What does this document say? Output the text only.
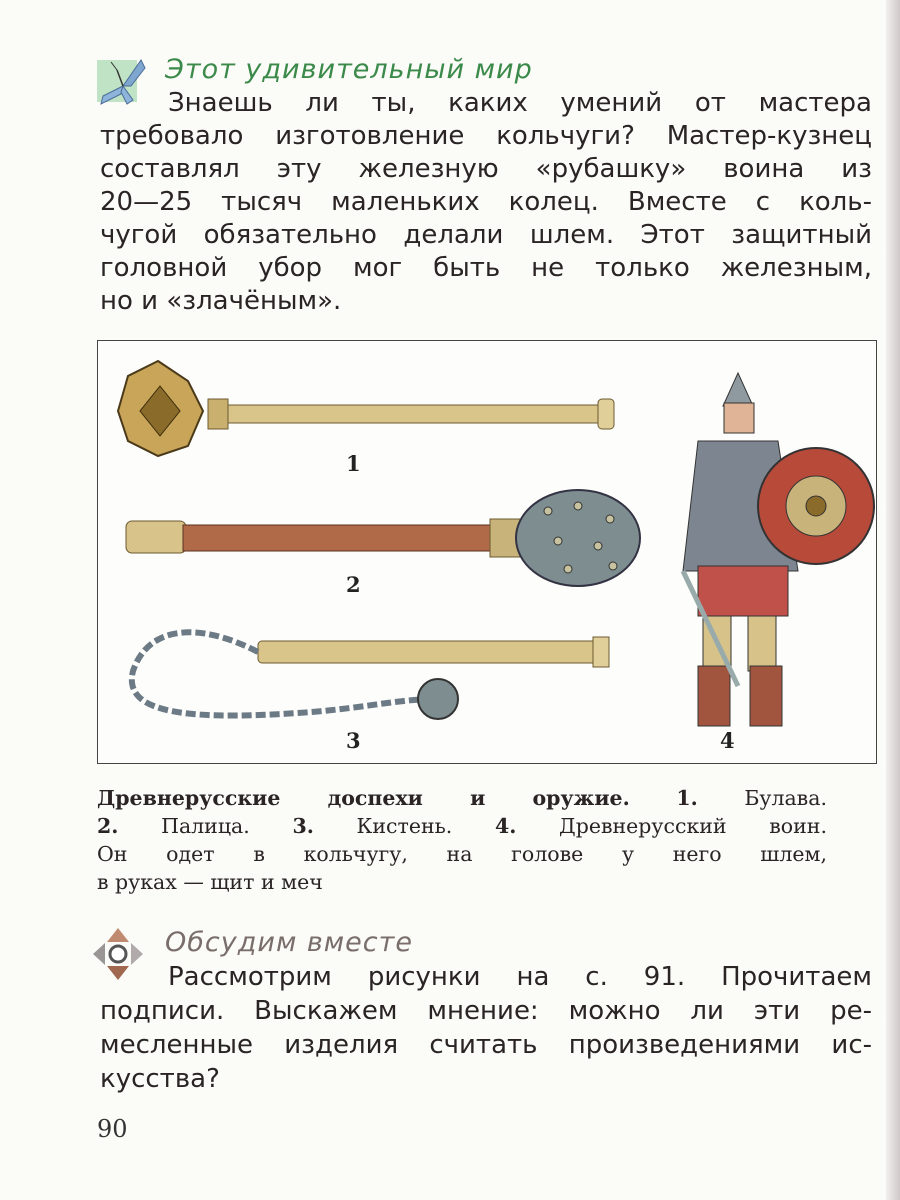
Этот удивительный мир
Знаешь ли ты, каких умений от мастера
требовало изготовление кольчуги? Мастер-кузнец
составлял эту железную «рубашку» воина из
20—25 тысяч маленьких колец. Вместе с коль-
чугой обязательно делали шлем. Этот защитный
головной убор мог быть не только железным,
но и «злачёным».
1
2
3	4
Древнерусские доспехи и оружие. 1. Булава.
2. Палица. 3. Кистень. 4. Древнерусский воин.
Он одет в кольчугу, на голове у него шлем,
в руках — щит и меч
Обсудим вместе
Рассмотрим рисунки на с. 91. Прочитаем
подписи. Выскажем мнение: можно ли эти ре-
месленные изделия считать произведениями ис-
кусства?
90
